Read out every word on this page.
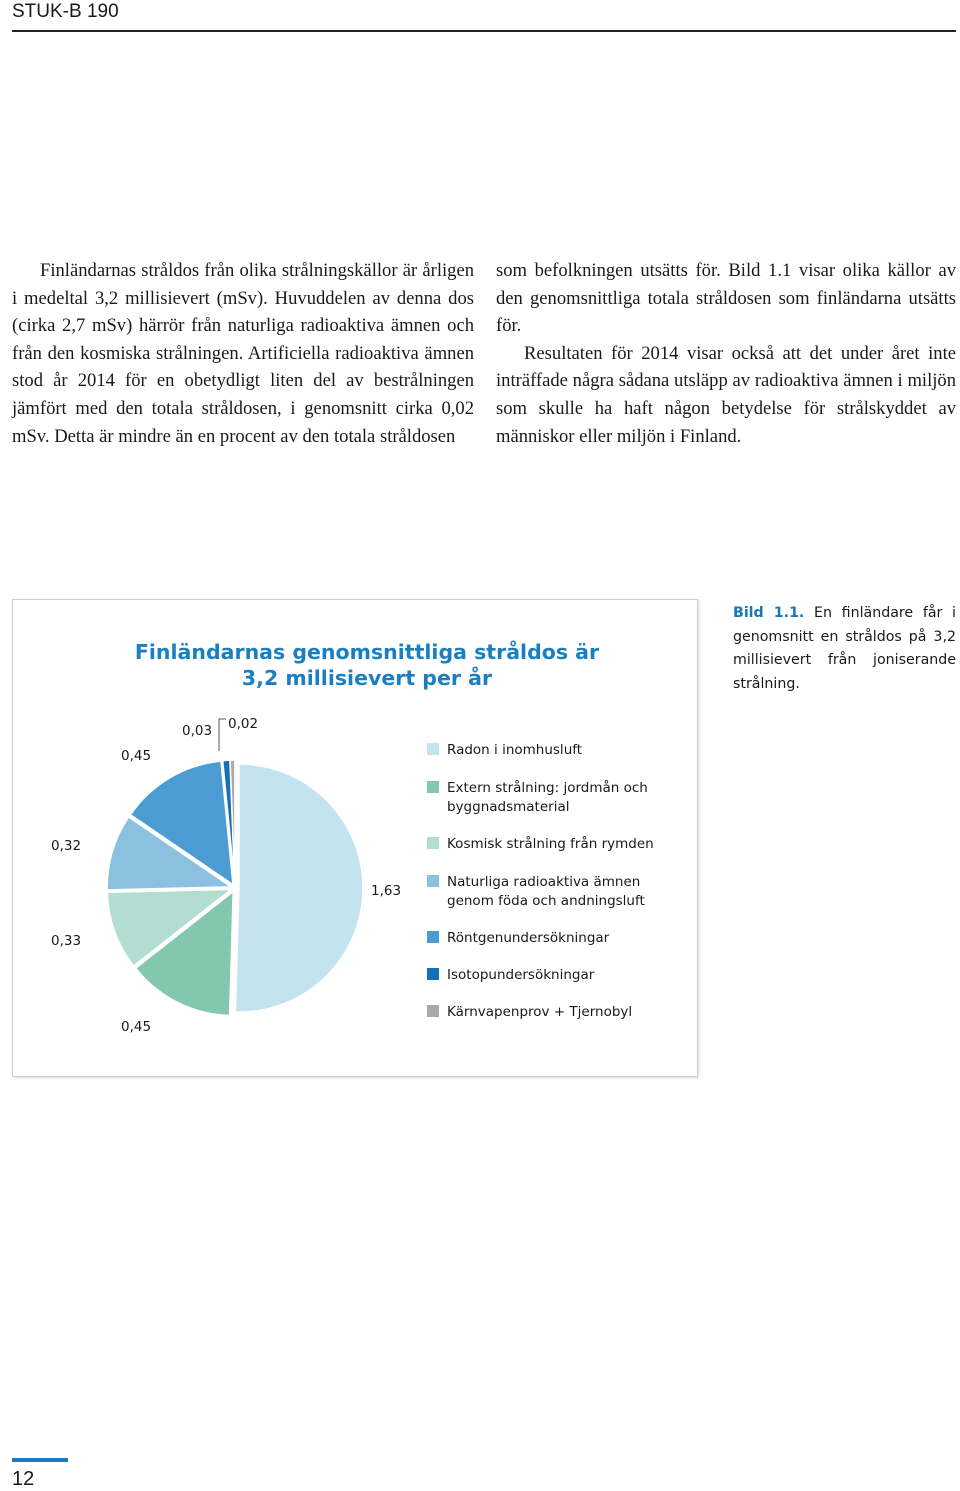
STUK-B 190

Finländarnas stråldos från olika strålningskällor är årligen i medeltal 3,2 millisievert (mSv). Huvuddelen av denna dos (cirka 2,7 mSv) härrör från naturliga radioaktiva ämnen och från den kosmiska strålningen. Artificiella radioaktiva ämnen stod år 2014 för en obetydligt liten del av bestrålningen jämfört med den totala stråldosen, i genomsnitt cirka 0,02 mSv. Detta är mindre än en procent av den totala stråldosen

som befolkningen utsätts för. Bild 1.1 visar olika källor av den genomsnittliga totala stråldosen som finländarna utsätts för.

Resultaten för 2014 visar också att det under året inte inträffade några sådana utsläpp av radioaktiva ämnen i miljön som skulle ha haft någon betydelse för strålskyddet av människor eller miljön i Finland.

Finländarnas genomsnittliga stråldos är
3,2 millisievert per år
1,63
0,45
0,33
0,32
0,45
0,03 0,02
Radon i inomhusluft
Extern strålning: jordmån och
byggnadsmaterial
Kosmisk strålning från rymden
Naturliga radioaktiva ämnen
genom föda och andningsluft
Röntgenundersökningar
Isotopundersökningar
Kärnvapenprov + Tjernobyl
Bild 1.1. En finländare får i genomsnitt en stråldos på 3,2 millisievert från joniserande strålning.
12
